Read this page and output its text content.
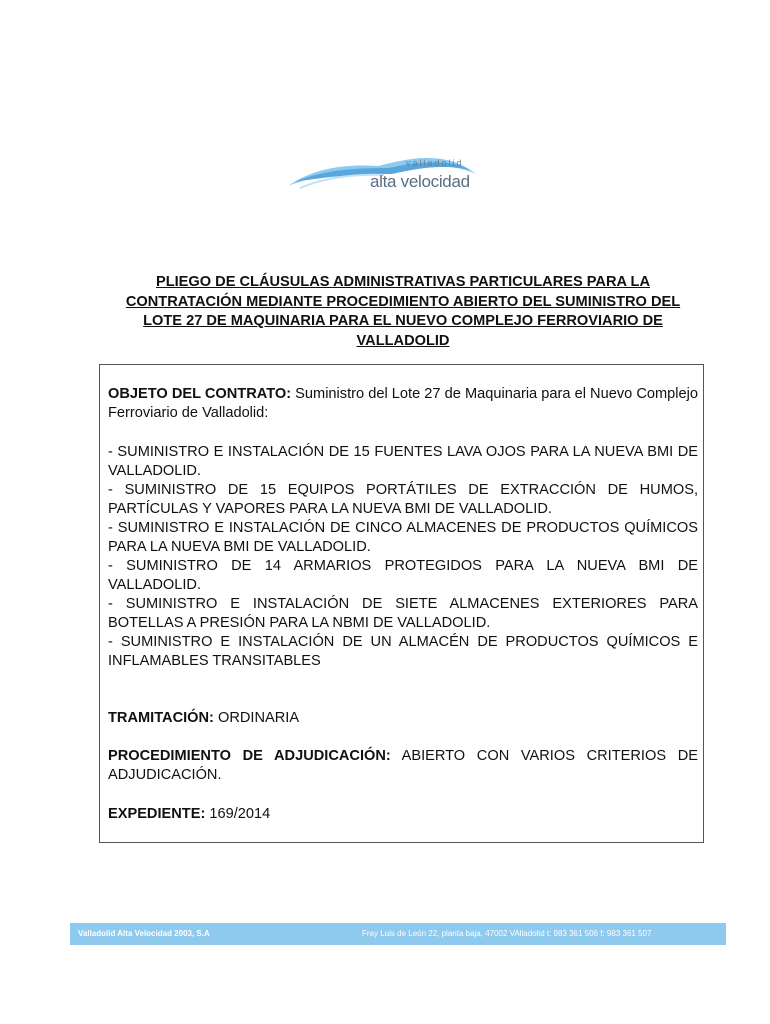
valladolid
alta velocidad
PLIEGO DE CLÁUSULAS ADMINISTRATIVAS PARTICULARES PARA LA CONTRATACIÓN MEDIANTE PROCEDIMIENTO ABIERTO DEL SUMINISTRO DEL LOTE 27 DE MAQUINARIA PARA EL NUEVO COMPLEJO FERROVIARIO DE VALLADOLID

OBJETO DEL CONTRATO: Suministro del Lote 27 de Maquinaria para el Nuevo Complejo Ferroviario de Valladolid:

- SUMINISTRO E INSTALACIÓN DE 15 FUENTES LAVA OJOS PARA LA NUEVA BMI DE VALLADOLID.
- SUMINISTRO DE 15 EQUIPOS PORTÁTILES DE EXTRACCIÓN DE HUMOS, PARTÍCULAS Y VAPORES PARA LA NUEVA BMI DE VALLADOLID.
- SUMINISTRO E INSTALACIÓN DE CINCO ALMACENES DE PRODUCTOS QUÍMICOS PARA LA NUEVA BMI DE VALLADOLID.
- SUMINISTRO DE 14 ARMARIOS PROTEGIDOS PARA LA NUEVA BMI DE VALLADOLID.
- SUMINISTRO E INSTALACIÓN DE SIETE ALMACENES EXTERIORES PARA BOTELLAS A PRESIÓN PARA LA NBMI DE VALLADOLID.
- SUMINISTRO E INSTALACIÓN DE UN ALMACÉN DE PRODUCTOS QUÍMICOS E INFLAMABLES TRANSITABLES

TRAMITACIÓN: ORDINARIA

PROCEDIMIENTO DE ADJUDICACIÓN: ABIERTO CON VARIOS CRITERIOS DE ADJUDICACIÓN.

EXPEDIENTE: 169/2014

Valladolid Alta Velocidad 2003, S.A	Fray Luis de León 22, planta baja, 47002 VAlladolid t: 983 361 506 f: 983 361 507
